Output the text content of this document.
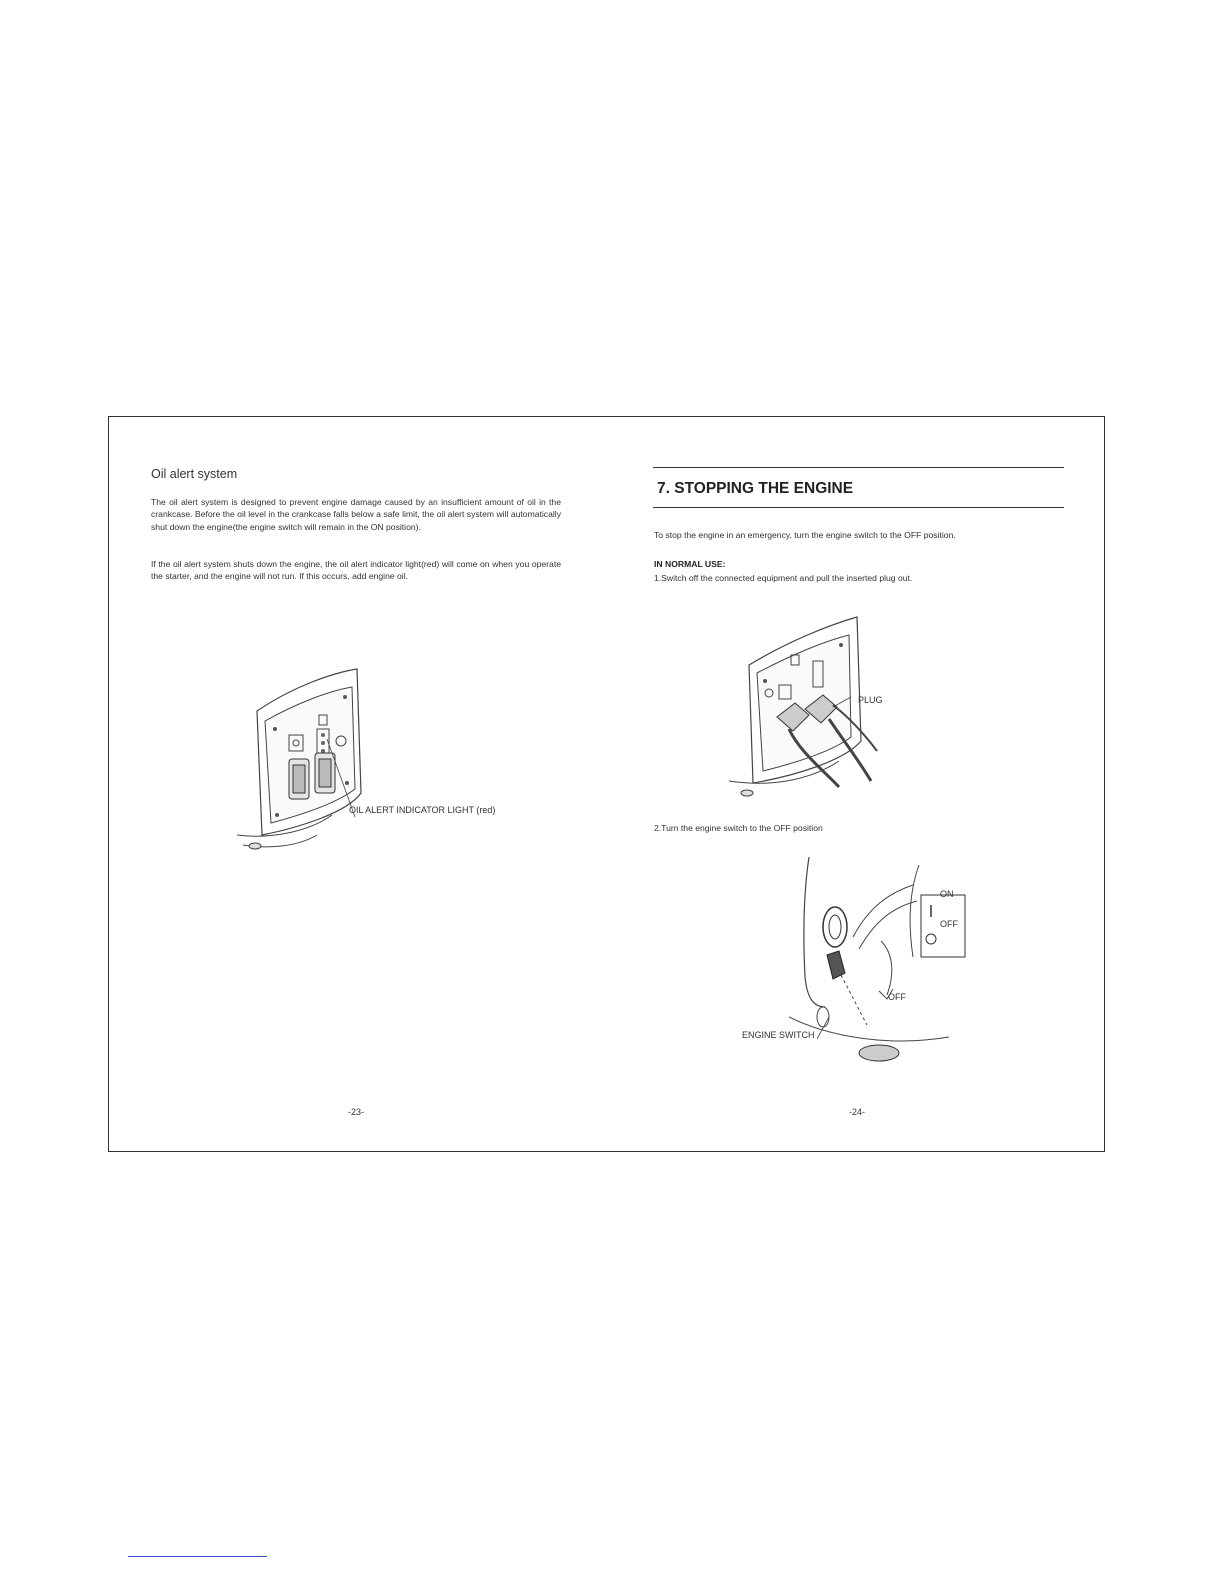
Oil alert system

The oil alert system is designed to prevent engine damage caused by an insufficient amount of oil in the crankcase. Before the oil level in the crankcase falls below a safe limit, the oil alert system will automatically shut down the engine(the engine switch will remain in the ON position).

If the oil alert system shuts down the engine, the oil alert indicator light(red) will come on when you operate the starter, and the engine will not run. If this occurs, add engine oil.

OIL ALERT INDICATOR LIGHT (red)
-23-
7. STOPPING THE ENGINE
To stop the engine in an emergency, turn the engine switch to the OFF position.
IN NORMAL USE:
1.Switch off the connected equipment and pull the inserted plug out.
PLUG
2.Turn the engine switch to the OFF position
ON
OFF
OFF
ENGINE SWITCH
-24-
